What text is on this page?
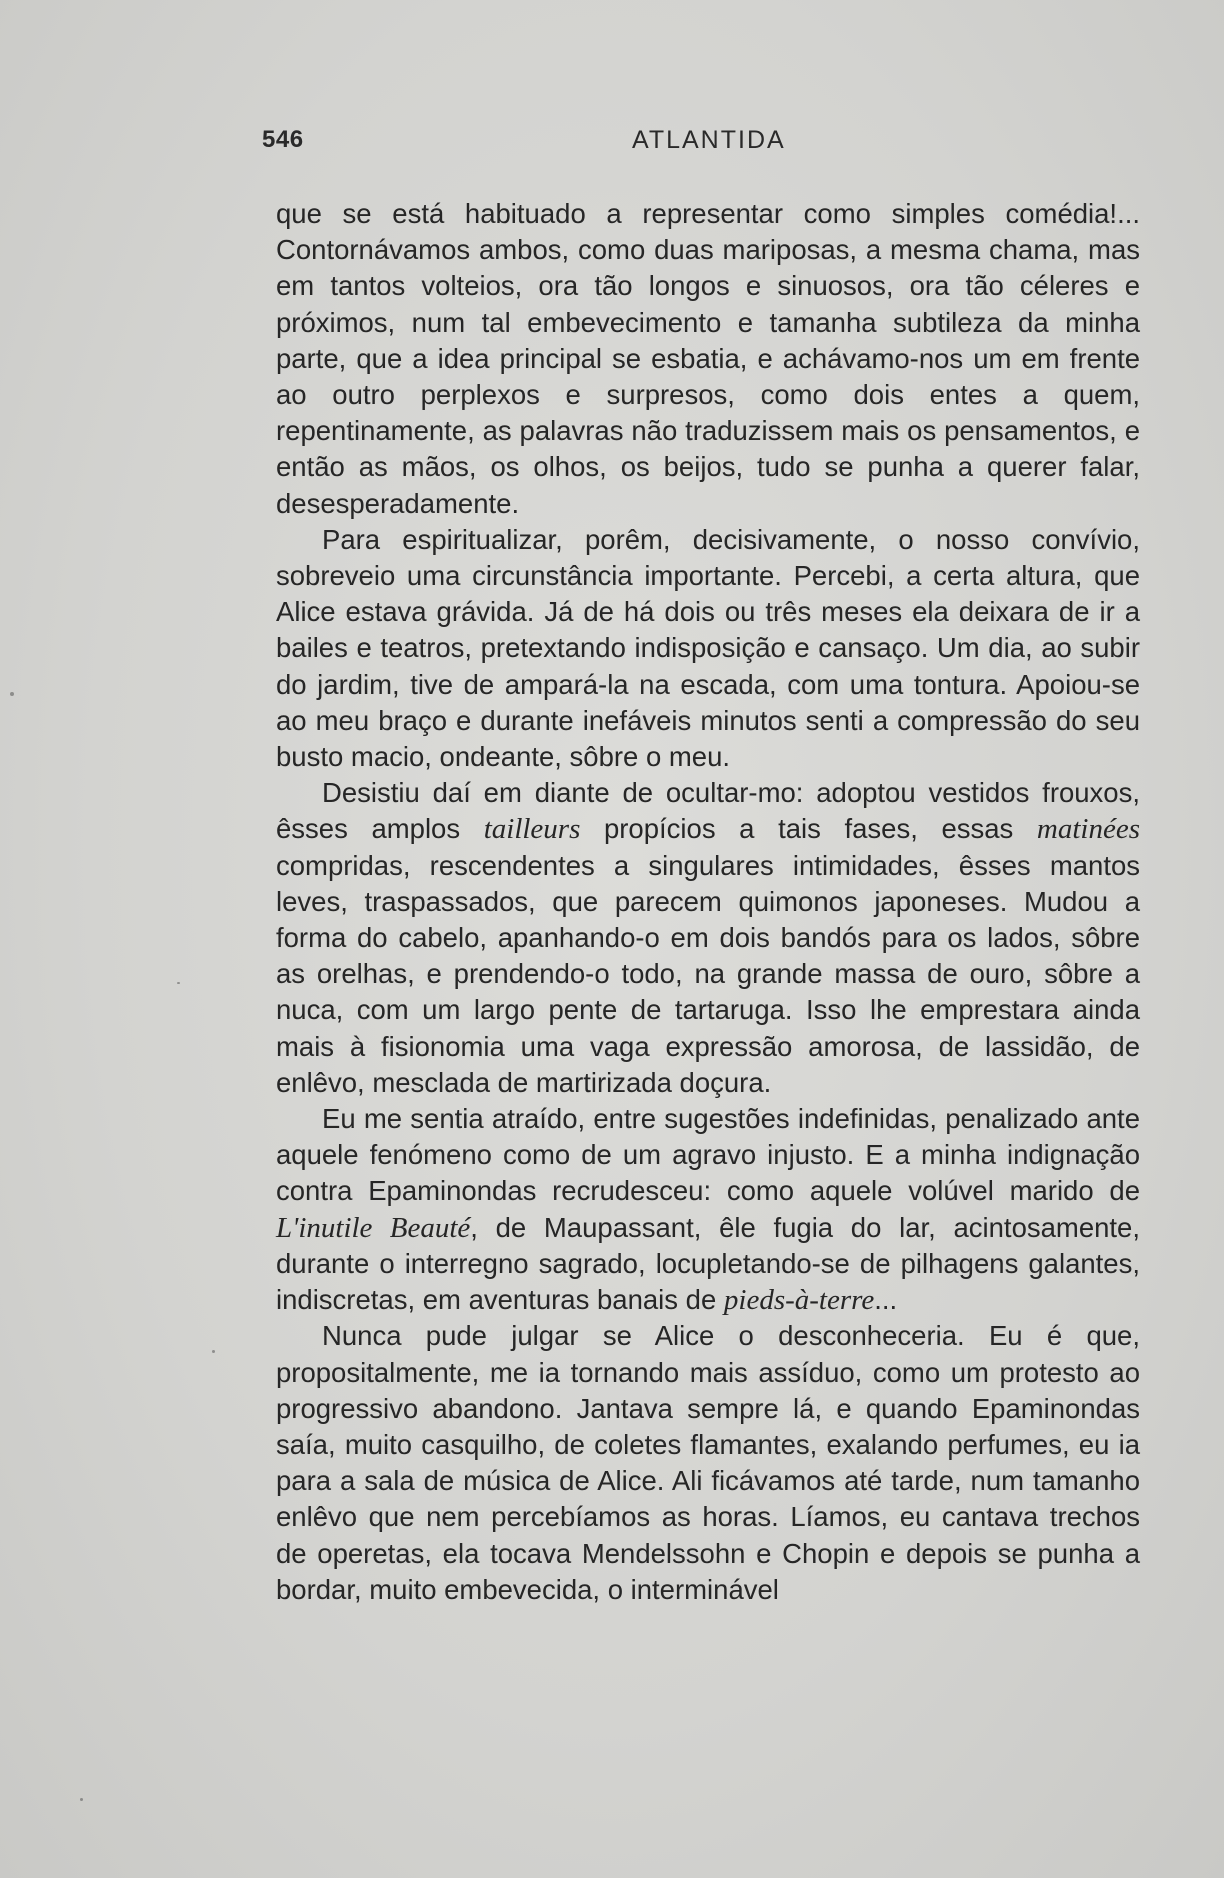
546	ATLANTIDA

que se está habituado a representar como simples comédia!... Contornávamos ambos, como duas mariposas, a mesma chama, mas em tantos volteios, ora tão longos e sinuosos, ora tão céleres e próximos, num tal embevecimento e tamanha subtileza da minha parte, que a idea principal se esbatia, e achávamo-nos um em frente ao outro perplexos e surpresos, como dois entes a quem, repentinamente, as palavras não traduzissem mais os pensamentos, e então as mãos, os olhos, os beijos, tudo se punha a querer falar, desesperadamente.

Para espiritualizar, porêm, decisivamente, o nosso convívio, sobreveio uma circunstância importante. Percebi, a certa altura, que Alice estava grávida. Já de há dois ou três meses ela deixara de ir a bailes e teatros, pretextando indisposição e cansaço. Um dia, ao subir do jardim, tive de ampará-la na escada, com uma tontura. Apoiou-se ao meu braço e durante inefáveis minutos senti a compressão do seu busto macio, ondeante, sôbre o meu.

Desistiu daí em diante de ocultar-mo: adoptou vestidos frouxos, êsses amplos tailleurs propícios a tais fases, essas matinées compridas, rescendentes a singulares intimidades, êsses mantos leves, traspassados, que parecem quimonos japoneses. Mudou a forma do cabelo, apanhando-o em dois bandós para os lados, sôbre as orelhas, e prendendo-o todo, na grande massa de ouro, sôbre a nuca, com um largo pente de tartaruga. Isso lhe emprestara ainda mais à fisionomia uma vaga expressão amorosa, de lassidão, de enlêvo, mesclada de martirizada doçura.

Eu me sentia atraído, entre sugestões indefinidas, penalizado ante aquele fenómeno como de um agravo injusto. E a minha indignação contra Epaminondas recrudesceu: como aquele volúvel marido de L'inutile Beauté, de Maupassant, êle fugia do lar, acintosamente, durante o interregno sagrado, locupletando-se de pilhagens galantes, indiscretas, em aventuras banais de pieds-à-terre...

Nunca pude julgar se Alice o desconheceria. Eu é que, propositalmente, me ia tornando mais assíduo, como um protesto ao progressivo abandono. Jantava sempre lá, e quando Epaminondas saía, muito casquilho, de coletes flamantes, exalando perfumes, eu ia para a sala de música de Alice. Ali ficávamos até tarde, num tamanho enlêvo que nem percebíamos as horas. Líamos, eu cantava trechos de operetas, ela tocava Mendelssohn e Chopin e depois se punha a bordar, muito embevecida, o interminável
